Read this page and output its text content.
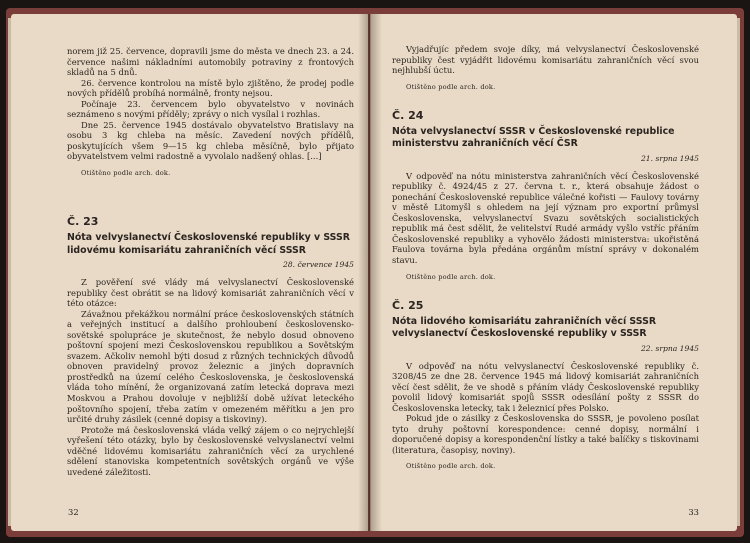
norem již 25. července, dopravili jsme do města ve dnech 23. a 24. července našimi nákladními automobily potraviny z frontových skladů na 5 dnů.

26. července kontrolou na místě bylo zjištěno, že prodej podle nových přídělů probíhá normálně, fronty nejsou.

Počínaje 23. červencem bylo obyvatelstvo v novinách seznámeno s novými příděly; zprávy o nich vysílal i rozhlas.

Dne 25. července 1945 dostávalo obyvatelstvo Bratislavy na osobu 3 kg chleba na měsíc. Zavedení nových přídělů, poskytujících všem 9—15 kg chleba měsíčně, bylo přijato obyvatelstvem velmi radostně a vyvolalo nadšený ohlas. [...]

Otištěno podle arch. dok.
Č. 23
Nóta velvyslanectví Československé republiky v SSSR lidovému komisariátu zahraničních věcí SSSR
28. července 1945

Z pověření své vlády má velvyslanectví Československé republiky čest obrátit se na lidový komisariát zahraničních věcí v této otázce:

Závažnou překážkou normální práce československých státních a veřejných institucí a dalšího prohloubení československo-sovětské spolupráce je skutečnost, že nebylo dosud obnoveno poštovní spojení mezi Československou republikou a Sovětským svazem. Ačkoliv nemohl býti dosud z různých technických důvodů obnoven pravidelný provoz železnic a jiných dopravních prostředků na území celého Československa, je československá vláda toho mínění, že organizovaná zatím letecká doprava mezi Moskvou a Prahou dovoluje v nejbližší době užívat leteckého poštovního spojení, třeba zatím v omezeném měřítku a jen pro určité druhy zásilek (cenné dopisy a tiskoviny).

Protože má československá vláda velký zájem o co nejrychlejší vyřešení této otázky, bylo by československé velvyslanectví velmi vděčné lidovému komisariátu zahraničních věcí za urychlené sdělení stanoviska kompetentních sovětských orgánů ve výše uvedené záležitosti.

32

Vyjadřujíc předem svoje díky, má velvyslanectví Československé republiky čest vyjádřit lidovému komisariátu zahraničních věcí svou nejhlubší úctu.

Otištěno podle arch. dok.
Č. 24
Nóta velvyslanectví SSSR v Československé republice ministerstvu zahraničních věcí ČSR
21. srpna 1945

V odpověď na nótu ministerstva zahraničních věcí Československé republiky č. 4924/45 z 27. června t. r., která obsahuje žádost o ponechání Československé republice válečné kořisti — Faulovy továrny v městě Litomyšl s ohledem na její význam pro exportní průmysl Československa, velvyslanectví Svazu sovětských socialistických republik má čest sdělit, že velitelství Rudé armády vyšlo vstříc přáním Československé republiky a vyhovělo žádosti ministerstva: ukořistěná Faulova továrna byla předána orgánům místní správy v dokonalém stavu.

Otištěno podle arch. dok.
Č. 25
Nóta lidového komisariátu zahraničních věcí SSSR velvyslanectví Československé republiky v SSSR
22. srpna 1945

V odpověď na nótu velvyslanectví Československé republiky č. 3208/45 ze dne 28. července 1945 má lidový komisariát zahraničních věcí čest sdělit, že ve shodě s přáním vlády Československé republiky povolil lidový komisariát spojů SSSR odesílání pošty z SSSR do Československa letecky, tak i železnicí přes Polsko.

Pokud jde o zásilky z Československa do SSSR, je povoleno posílat tyto druhy poštovní korespondence: cenné dopisy, normální i doporučené dopisy a korespondenční lístky a také balíčky s tiskovinami (literatura, časopisy, noviny).

Otištěno podle arch. dok.
33
